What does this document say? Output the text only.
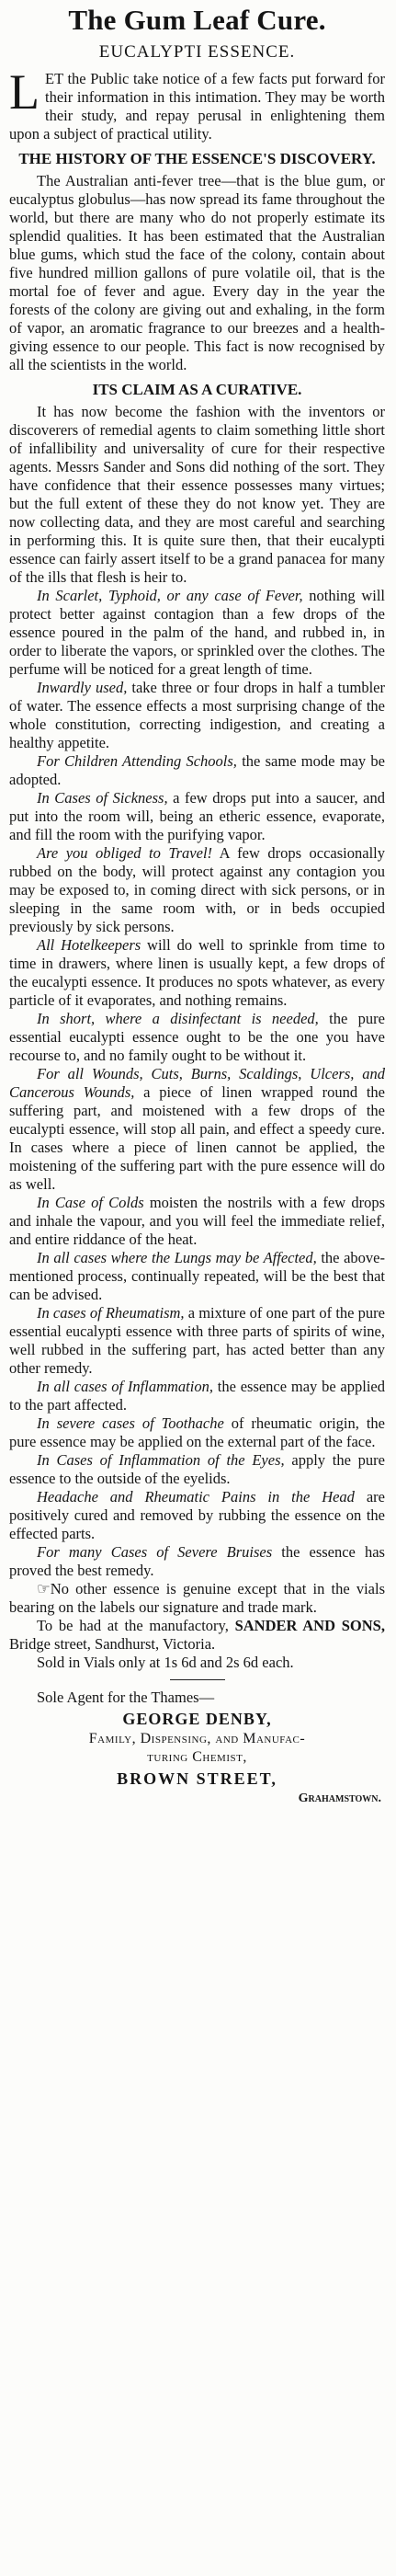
The Gum Leaf Cure.
EUCALYPTI ESSENCE.

LET the Public take notice of a few facts put forward for their information in this intimation. They may be worth their study, and repay perusal in enlightening them upon a subject of practical utility.

THE HISTORY OF THE ESSENCE'S DISCOVERY.

The Australian anti-fever tree—that is the blue gum, or eucalyptus globulus—has now spread its fame throughout the world, but there are many who do not properly estimate its splendid qualities. It has been estimated that the Australian blue gums, which stud the face of the colony, contain about five hundred million gallons of pure volatile oil, that is the mortal foe of fever and ague. Every day in the year the forests of the colony are giving out and exhaling, in the form of vapor, an aromatic fragrance to our breezes and a health-giving essence to our people. This fact is now recognised by all the scientists in the world.

ITS CLAIM AS A CURATIVE.

It has now become the fashion with the inventors or discoverers of remedial agents to claim something little short of infallibility and universality of cure for their respective agents. Messrs Sander and Sons did nothing of the sort. They have confidence that their essence possesses many virtues; but the full extent of these they do not know yet. They are now collecting data, and they are most careful and searching in performing this. It is quite sure then, that their eucalypti essence can fairly assert itself to be a grand panacea for many of the ills that flesh is heir to.

In Scarlet, Typhoid, or any case of Fever, nothing will protect better against contagion than a few drops of the essence poured in the palm of the hand, and rubbed in, in order to liberate the vapors, or sprinkled over the clothes. The perfume will be noticed for a great length of time.

Inwardly used, take three or four drops in half a tumbler of water. The essence effects a most surprising change of the whole constitution, correcting indigestion, and creating a healthy appetite.

For Children Attending Schools, the same mode may be adopted.

In Cases of Sickness, a few drops put into a saucer, and put into the room will, being an etheric essence, evaporate, and fill the room with the purifying vapor.

Are you obliged to Travel! A few drops occasionally rubbed on the body, will protect against any contagion you may be exposed to, in coming direct with sick persons, or in sleeping in the same room with, or in beds occupied previously by sick persons.

All Hotelkeepers will do well to sprinkle from time to time in drawers, where linen is usually kept, a few drops of the eucalypti essence. It produces no spots whatever, as every particle of it evaporates, and nothing remains.

In short, where a disinfectant is needed, the pure essential eucalypti essence ought to be the one you have recourse to, and no family ought to be without it.

For all Wounds, Cuts, Burns, Scaldings, Ulcers, and Cancerous Wounds, a piece of linen wrapped round the suffering part, and moistened with a few drops of the eucalypti essence, will stop all pain, and effect a speedy cure. In cases where a piece of linen cannot be applied, the moistening of the suffering part with the pure essence will do as well.

In Case of Colds moisten the nostrils with a few drops and inhale the vapour, and you will feel the immediate relief, and entire riddance of the heat.

In all cases where the Lungs may be Affected, the above-mentioned process, continually repeated, will be the best that can be advised.

In cases of Rheumatism, a mixture of one part of the pure essential eucalypti essence with three parts of spirits of wine, well rubbed in the suffering part, has acted better than any other remedy.

In all cases of Inflammation, the essence may be applied to the part affected.

In severe cases of Toothache of rheumatic origin, the pure essence may be applied on the external part of the face.

In Cases of Inflammation of the Eyes, apply the pure essence to the outside of the eyelids.

Headache and Rheumatic Pains in the Head are positively cured and removed by rubbing the essence on the effected parts.

For many Cases of Severe Bruises the essence has proved the best remedy.

☞No other essence is genuine except that in the vials bearing on the labels our signature and trade mark.

To be had at the manufactory, SANDER AND SONS, Bridge street, Sandhurst, Victoria.

Sold in Vials only at 1s 6d and 2s 6d each.

Sole Agent for the Thames—
GEORGE DENBY,
Family, Dispensing, and Manufac-
turing Chemist,
BROWN STREET,
Grahamstown.
